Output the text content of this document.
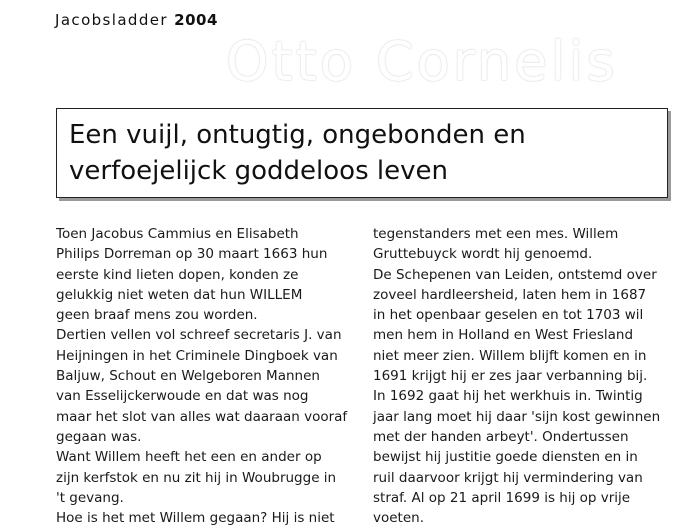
Jacobsladder 2004
Otto Cornelis
Een vuijl, ontugtig, ongebonden en
verfoejelijck goddeloos leven
Toen Jacobus Cammius en Elisabeth
Philips Dorreman op 30 maart 1663 hun
eerste kind lieten dopen, konden ze
gelukkig niet weten dat hun WILLEM
geen braaf mens zou worden.
Dertien vellen vol schreef secretaris J. van
Heijningen in het Criminele Dingboek van
Baljuw, Schout en Welgeboren Mannen
van Esselijckerwoude en dat was nog
maar het slot van alles wat daaraan vooraf
gegaan was.
Want Willem heeft het een en ander op
zijn kerfstok en nu zit hij in Woubrugge in
't gevang.
Hoe is het met Willem gegaan? Hij is niet
tegenstanders met een mes. Willem
Gruttebuyck wordt hij genoemd.
De Schepenen van Leiden, ontstemd over
zoveel hardleersheid, laten hem in 1687
in het openbaar geselen en tot 1703 wil
men hem in Holland en West Friesland
niet meer zien. Willem blijft komen en in
1691 krijgt hij er zes jaar verbanning bij.
In 1692 gaat hij het werkhuis in. Twintig
jaar lang moet hij daar 'sijn kost gewinnen
met der handen arbeyt'. Ondertussen
bewijst hij justitie goede diensten en in
ruil daarvoor krijgt hij vermindering van
straf. Al op 21 april 1699 is hij op vrije
voeten.
